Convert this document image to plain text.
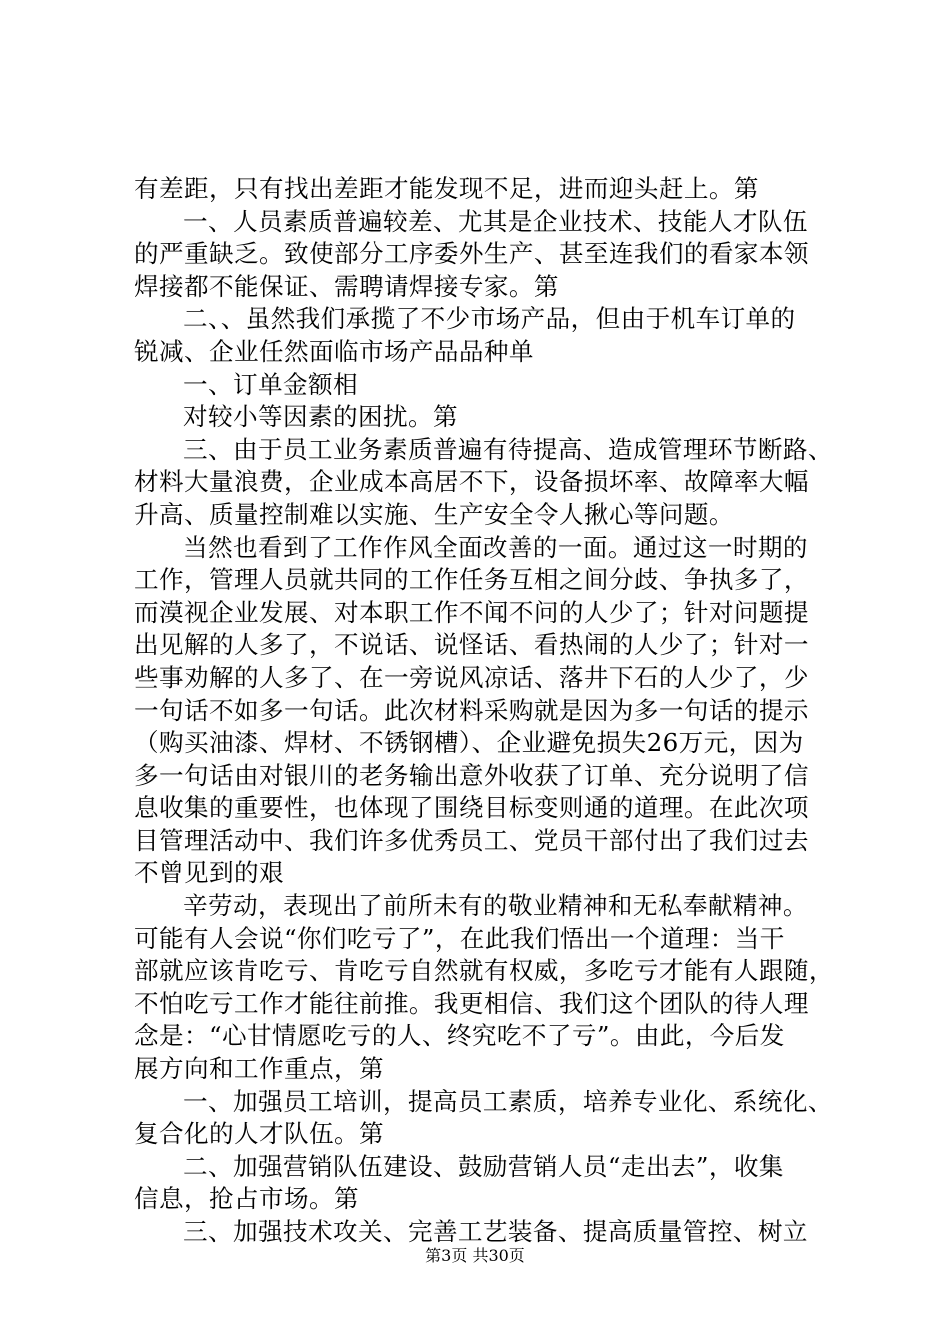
有差距，只有找出差距才能发现不足，进而迎头赶上。第
一、人员素质普遍较差、尤其是企业技术、技能人才队伍
的严重缺乏。致使部分工序委外生产、甚至连我们的看家本领
焊接都不能保证、需聘请焊接专家。第
二、、虽然我们承揽了不少市场产品，但由于机车订单的
锐减、企业任然面临市场产品品种单
一、订单金额相
对较小等因素的困扰。第
三、由于员工业务素质普遍有待提高、造成管理环节断路、
材料大量浪费，企业成本高居不下，设备损坏率、故障率大幅
升高、质量控制难以实施、生产安全令人揪心等问题。
当然也看到了工作作风全面改善的一面。通过这一时期的
工作，管理人员就共同的工作任务互相之间分歧、争执多了，
而漠视企业发展、对本职工作不闻不问的人少了；针对问题提
出见解的人多了，不说话、说怪话、看热闹的人少了；针对一
些事劝解的人多了、在一旁说风凉话、落井下石的人少了，少
一句话不如多一句话。此次材料采购就是因为多一句话的提示
（购买油漆、焊材、不锈钢槽）、企业避免损失26万元，因为
多一句话由对银川的老务输出意外收获了订单、充分说明了信
息收集的重要性，也体现了围绕目标变则通的道理。在此次项
目管理活动中、我们许多优秀员工、党员干部付出了我们过去
不曾见到的艰
辛劳动，表现出了前所未有的敬业精神和无私奉献精神。
可能有人会说“你们吃亏了”，在此我们悟出一个道理：当干
部就应该肯吃亏、肯吃亏自然就有权威，多吃亏才能有人跟随，
不怕吃亏工作才能往前推。我更相信、我们这个团队的待人理
念是：“心甘情愿吃亏的人、终究吃不了亏”。由此，今后发
展方向和工作重点，第
一、加强员工培训，提高员工素质，培养专业化、系统化、
复合化的人才队伍。第
二、加强营销队伍建设、鼓励营销人员“走出去”，收集
信息，抢占市场。第
三、加强技术攻关、完善工艺装备、提高质量管控、树立
第3页 共30页
